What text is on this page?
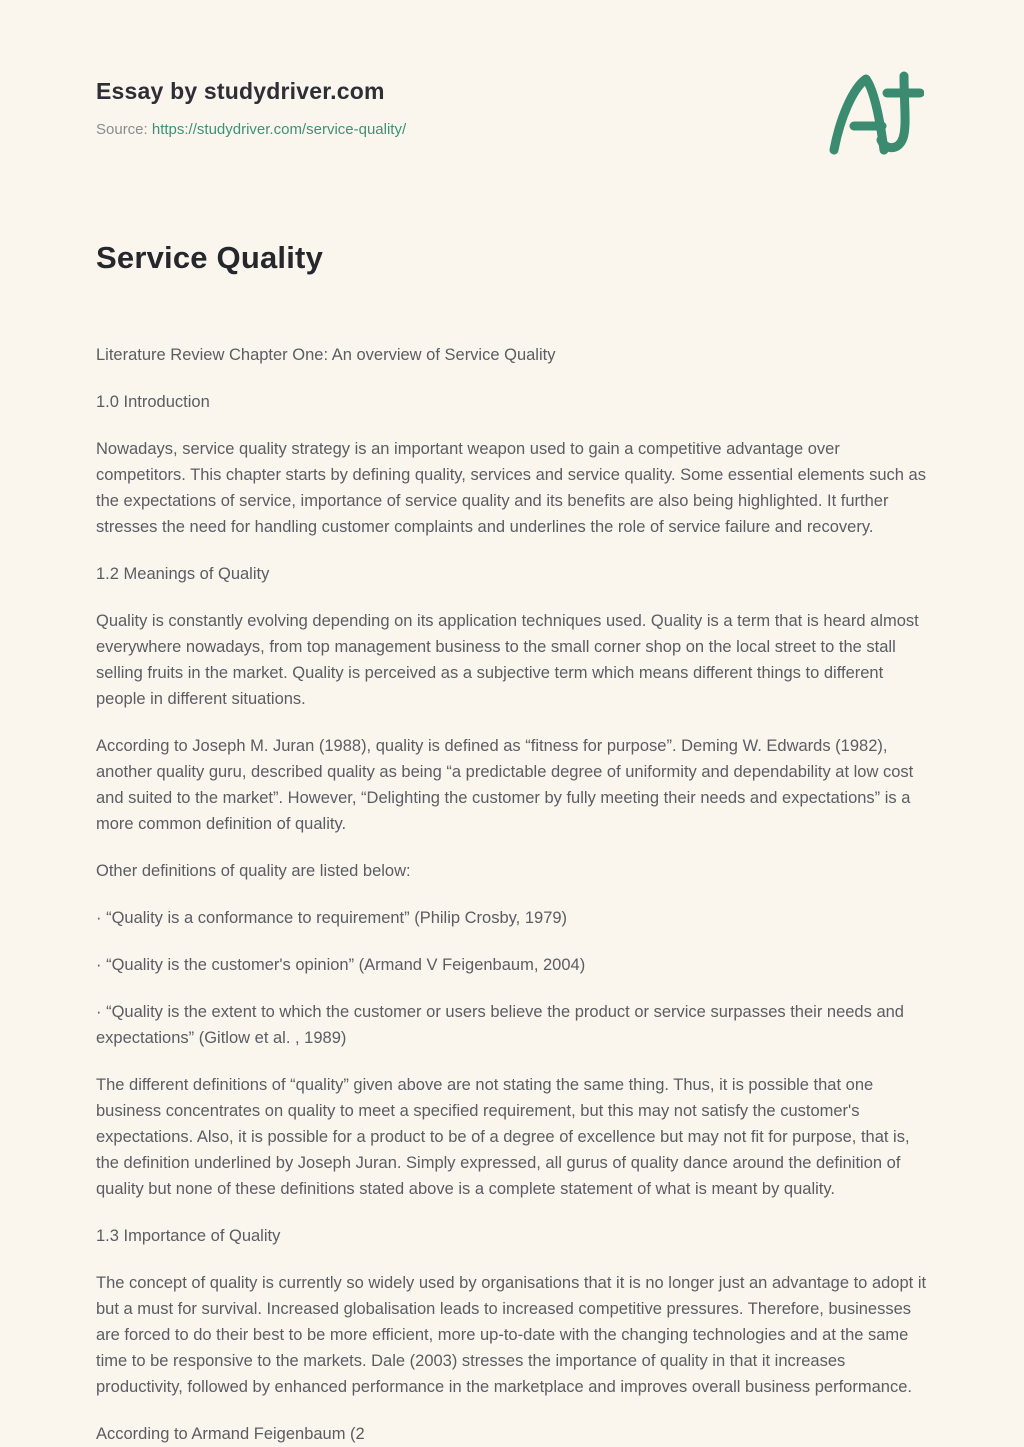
Essay by studydriver.com
Source: https://studydriver.com/service-quality/
Service Quality

Literature Review Chapter One: An overview of Service Quality

1.0 Introduction

Nowadays, service quality strategy is an important weapon used to gain a competitive advantage over competitors. This chapter starts by defining quality, services and service quality. Some essential elements such as the expectations of service, importance of service quality and its benefits are also being highlighted. It further stresses the need for handling customer complaints and underlines the role of service failure and recovery.

1.2 Meanings of Quality

Quality is constantly evolving depending on its application techniques used. Quality is a term that is heard almost everywhere nowadays, from top management business to the small corner shop on the local street to the stall selling fruits in the market. Quality is perceived as a subjective term which means different things to different people in different situations.

According to Joseph M. Juran (1988), quality is defined as “fitness for purpose”. Deming W. Edwards (1982), another quality guru, described quality as being “a predictable degree of uniformity and dependability at low cost and suited to the market”. However, “Delighting the customer by fully meeting their needs and expectations” is a more common definition of quality.

Other definitions of quality are listed below:

· “Quality is a conformance to requirement” (Philip Crosby, 1979)

· “Quality is the customer's opinion” (Armand V Feigenbaum, 2004)

· “Quality is the extent to which the customer or users believe the product or service surpasses their needs and expectations” (Gitlow et al. , 1989)

The different definitions of “quality” given above are not stating the same thing. Thus, it is possible that one business concentrates on quality to meet a specified requirement, but this may not satisfy the customer's expectations. Also, it is possible for a product to be of a degree of excellence but may not fit for purpose, that is, the definition underlined by Joseph Juran. Simply expressed, all gurus of quality dance around the definition of quality but none of these definitions stated above is a complete statement of what is meant by quality.

1.3 Importance of Quality

The concept of quality is currently so widely used by organisations that it is no longer just an advantage to adopt it but a must for survival. Increased globalisation leads to increased competitive pressures. Therefore, businesses are forced to do their best to be more efficient, more up-to-date with the changing technologies and at the same time to be responsive to the markets. Dale (2003) stresses the importance of quality in that it increases productivity, followed by enhanced performance in the marketplace and improves overall business performance.

According to Armand Feigenbaum (2
